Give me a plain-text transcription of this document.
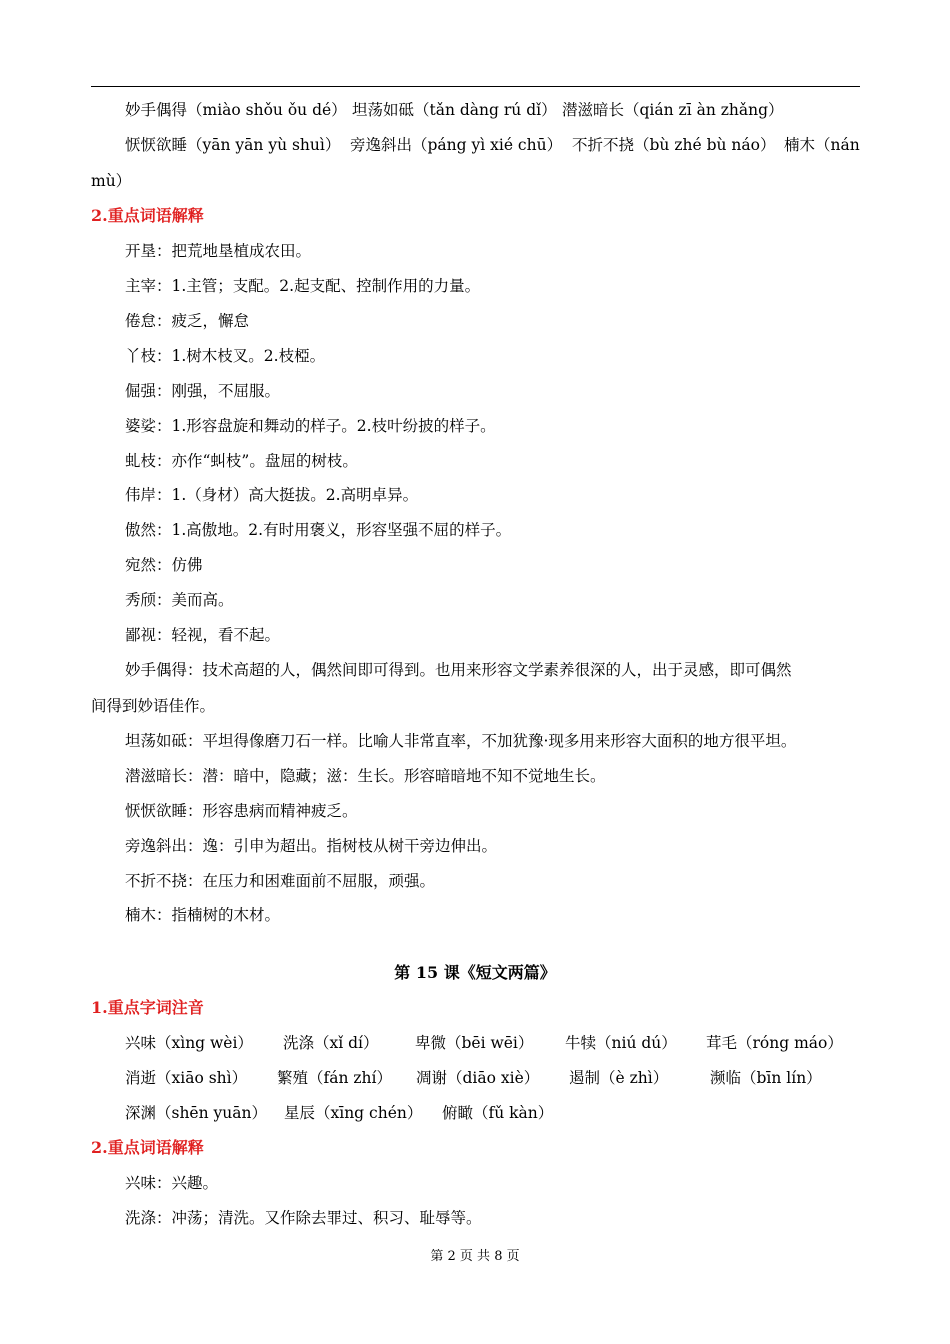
妙手偶得（miào shǒu ǒu dé） 坦荡如砥（tǎn dàng rú dǐ） 潜滋暗长（qián zī àn zhǎng）
恹恹欲睡（yān yān yù shuì） 旁逸斜出（páng yì xié chū） 不折不挠（bù zhé bù náo） 楠木（nán
mù）
2.重点词语解释
开垦：把荒地垦植成农田。
主宰：1.主管；支配。2.起支配、控制作用的力量。
倦怠：疲乏，懈怠
丫枝：1.树木枝叉。2.枝椏。
倔强：刚强，不屈服。
婆娑：1.形容盘旋和舞动的样子。2.枝叶纷披的样子。
虬枝：亦作“虯枝”。盘屈的树枝。
伟岸：1.（身材）高大挺拔。2.高明卓异。
傲然：1.高傲地。2.有时用褒义，形容坚强不屈的样子。
宛然：仿佛
秀颀：美而高。
鄙视：轻视，看不起。
妙手偶得：技术高超的人，偶然间即可得到。也用来形容文学素养很深的人，出于灵感，即可偶然
间得到妙语佳作。
坦荡如砥：平坦得像磨刀石一样。比喻人非常直率，不加犹豫·现多用来形容大面积的地方很平坦。
潜滋暗长：潜：暗中，隐藏；滋：生长。形容暗暗地不知不觉地生长。
恹恹欲睡：形容患病而精神疲乏。
旁逸斜出：逸：引申为超出。指树枝从树干旁边伸出。
不折不挠：在压力和困难面前不屈服，顽强。
楠木：指楠树的木材。
第 15 课《短文两篇》
1.重点字词注音
兴味（xìng wèi） 洗涤（xǐ dí） 卑微（bēi wēi） 牛犊（niú dú） 茸毛（róng máo）
消逝（xiāo shì） 繁殖（fán zhí） 凋谢（diāo xiè） 遏制（è zhì）	濒临（bīn lín）
深渊（shēn yuān） 星辰（xīng chén） 俯瞰（fǔ kàn）
2.重点词语解释
兴味：兴趣。
洗涤：冲荡；清洗。又作除去罪过、积习、耻辱等。
第 2 页 共 8 页
